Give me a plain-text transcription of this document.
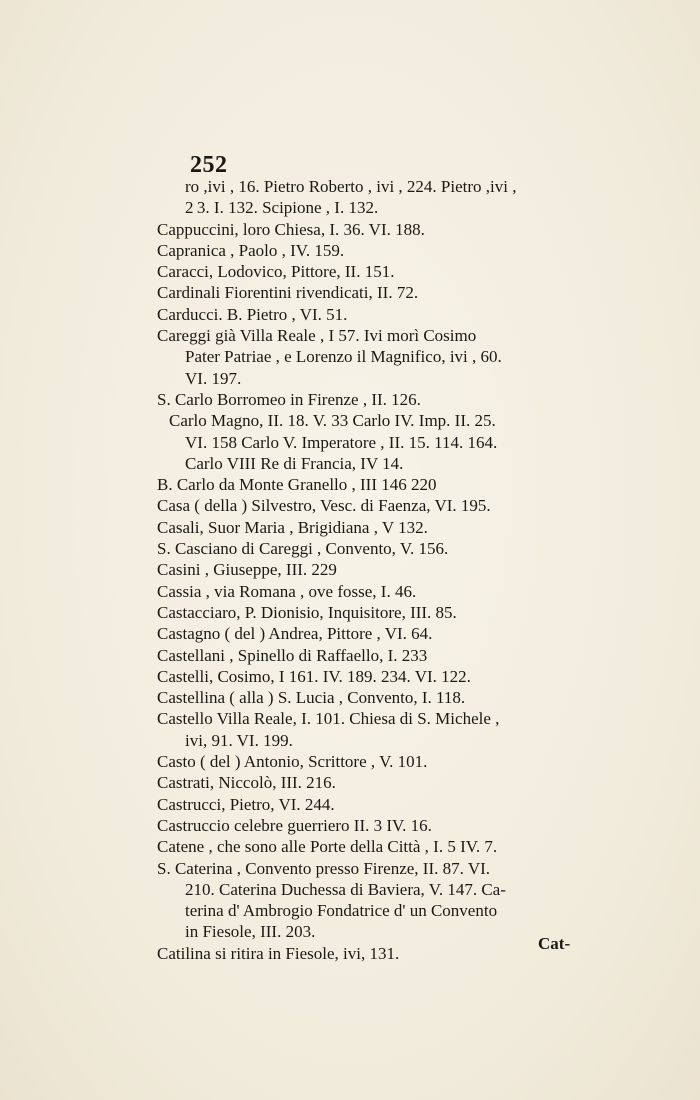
252
ro ,ivi , 16. Pietro Roberto , ivi , 224. Pietro ,ivi ,
2 3. I. 132. Scipione , I. 132.
Cappuccini, loro Chiesa, I. 36. VI. 188.
Capranica , Paolo , IV. 159.
Caracci, Lodovico, Pittore, II. 151.
Cardinali Fiorentini rivendicati, II. 72.
Carducci. B. Pietro , VI. 51.
Careggi già Villa Reale , I 57. Ivi morì Cosimo
Pater Patriae , e Lorenzo il Magnifico, ivi , 60.
VI. 197.
S. Carlo Borromeo in Firenze , II. 126.
Carlo Magno, II. 18. V. 33 Carlo IV. Imp. II. 25.
VI. 158 Carlo V. Imperatore , II. 15. 114. 164.
Carlo VIII Re di Francia, IV 14.
B. Carlo da Monte Granello , III 146 220
Casa ( della ) Silvestro, Vesc. di Faenza, VI. 195.
Casali, Suor Maria , Brigidiana , V 132.
S. Casciano di Careggi , Convento, V. 156.
Casini , Giuseppe, III. 229
Cassia , via Romana , ove fosse, I. 46.
Castacciaro, P. Dionisio, Inquisitore, III. 85.
Castagno ( del ) Andrea, Pittore , VI. 64.
Castellani , Spinello di Raffaello, I. 233
Castelli, Cosimo, I 161. IV. 189. 234. VI. 122.
Castellina ( alla ) S. Lucia , Convento, I. 118.
Castello Villa Reale, I. 101. Chiesa di S. Michele ,
ivi, 91. VI. 199.
Casto ( del ) Antonio, Scrittore , V. 101.
Castrati, Niccolò, III. 216.
Castrucci, Pietro, VI. 244.
Castruccio celebre guerriero II. 3 IV. 16.
Catene , che sono alle Porte della Città , I. 5 IV. 7.
S. Caterina , Convento presso Firenze, II. 87. VI.
210. Caterina Duchessa di Baviera, V. 147. Ca-
terina d' Ambrogio Fondatrice d' un Convento
in Fiesole, III. 203.
Catilina si ritira in Fiesole, ivi, 131.
Cat-
